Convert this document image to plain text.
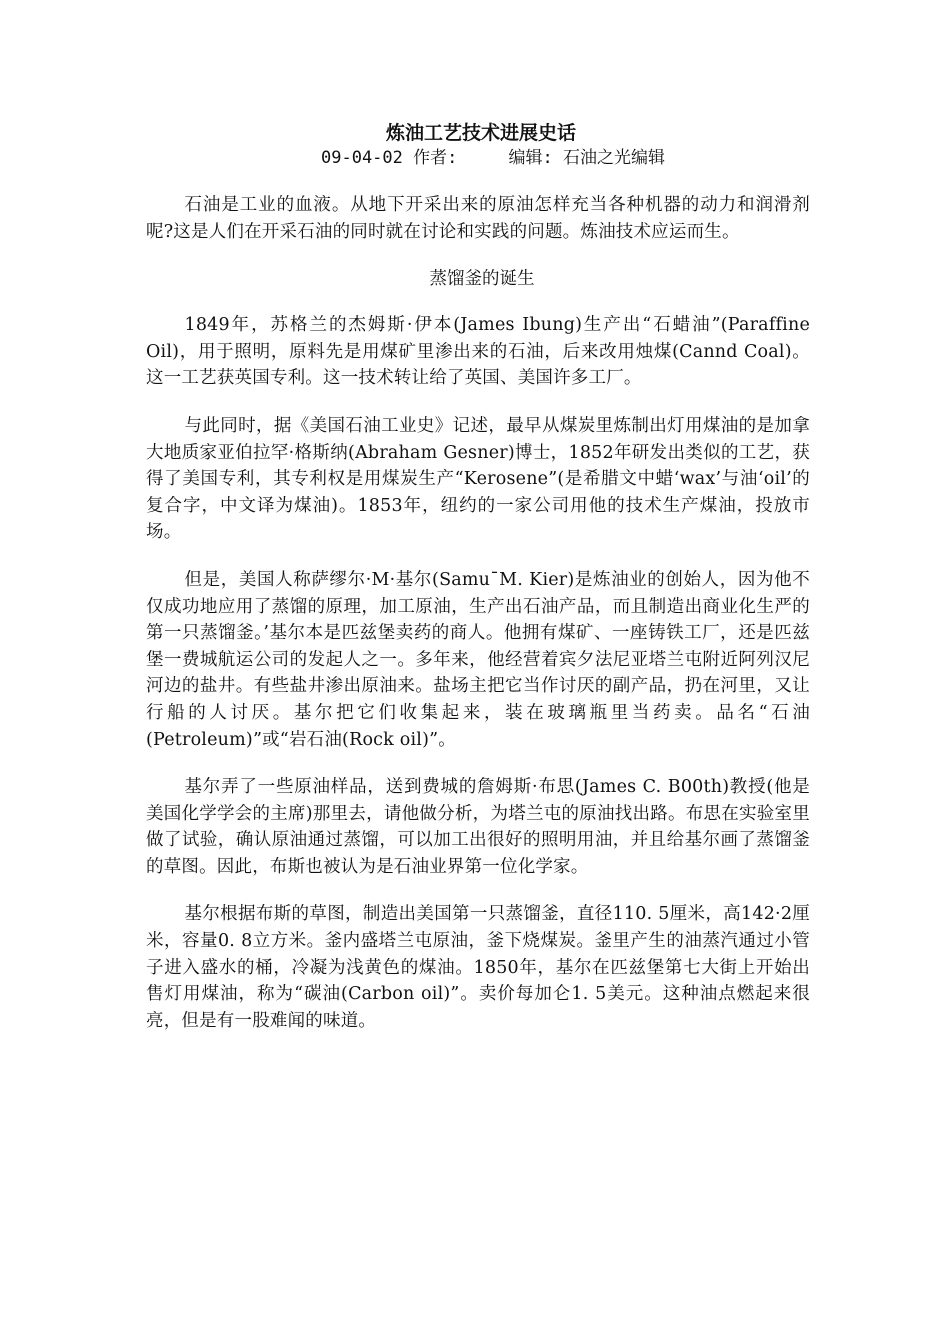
炼油工艺技术进展史话
09-04-02 作者:     编辑: 石油之光编辑

石油是工业的血液。从地下开采出来的原油怎样充当各种机器的动力和润滑剂呢?这是人们在开采石油的同时就在讨论和实践的问题。炼油技术应运而生。

蒸馏釜的诞生

1849年，苏格兰的杰姆斯·伊本(James Ibung)生产出“石蜡油”(Paraffine Oil)，用于照明，原料先是用煤矿里渗出来的石油，后来改用烛煤(Cannd Coal)。这一工艺获英国专利。这一技术转让给了英国、美国许多工厂。

与此同时，据《美国石油工业史》记述，最早从煤炭里炼制出灯用煤油的是加拿大地质家亚伯拉罕·格斯纳(Abraham Gesner)博士，1852年研发出类似的工艺，获得了美国专利，其专利权是用煤炭生产“Kerosene”(是希腊文中蜡‘wax’与油‘oil’的复合字，中文译为煤油)。1853年，纽约的一家公司用他的技术生产煤油，投放市场。

但是，美国人称萨缪尔·M·基尔(Samu¯M. Kier)是炼油业的创始人，因为他不仅成功地应用了蒸馏的原理，加工原油，生产出石油产品，而且制造出商业化生严的第一只蒸馏釜。’基尔本是匹兹堡卖药的商人。他拥有煤矿、一座铸铁工厂，还是匹兹堡一费城航运公司的发起人之一。多年来，他经营着宾夕法尼亚塔兰屯附近阿列汉尼河边的盐井。有些盐井渗出原油来。盐场主把它当作讨厌的副产品，扔在河里，又让行船的人讨厌。基尔把它们收集起来，装在玻璃瓶里当药卖。品名“石油(Petroleum)”或“岩石油(Rock oil)”。

基尔弄了一些原油样品，送到费城的詹姆斯·布思(James C. B00th)教授(他是美国化学学会的主席)那里去，请他做分析，为塔兰屯的原油找出路。布思在实验室里做了试验，确认原油通过蒸馏，可以加工出很好的照明用油，并且给基尔画了蒸馏釜的草图。因此，布斯也被认为是石油业界第一位化学家。

基尔根据布斯的草图，制造出美国第一只蒸馏釜，直径110. 5厘米，高142·2厘米，容量0. 8立方米。釜内盛塔兰屯原油，釜下烧煤炭。釜里产生的油蒸汽通过小管子进入盛水的桶，冷凝为浅黄色的煤油。1850年，基尔在匹兹堡第七大街上开始出售灯用煤油，称为“碳油(Carbon oil)”。卖价每加仑1. 5美元。这种油点燃起来很亮，但是有一股难闻的味道。
